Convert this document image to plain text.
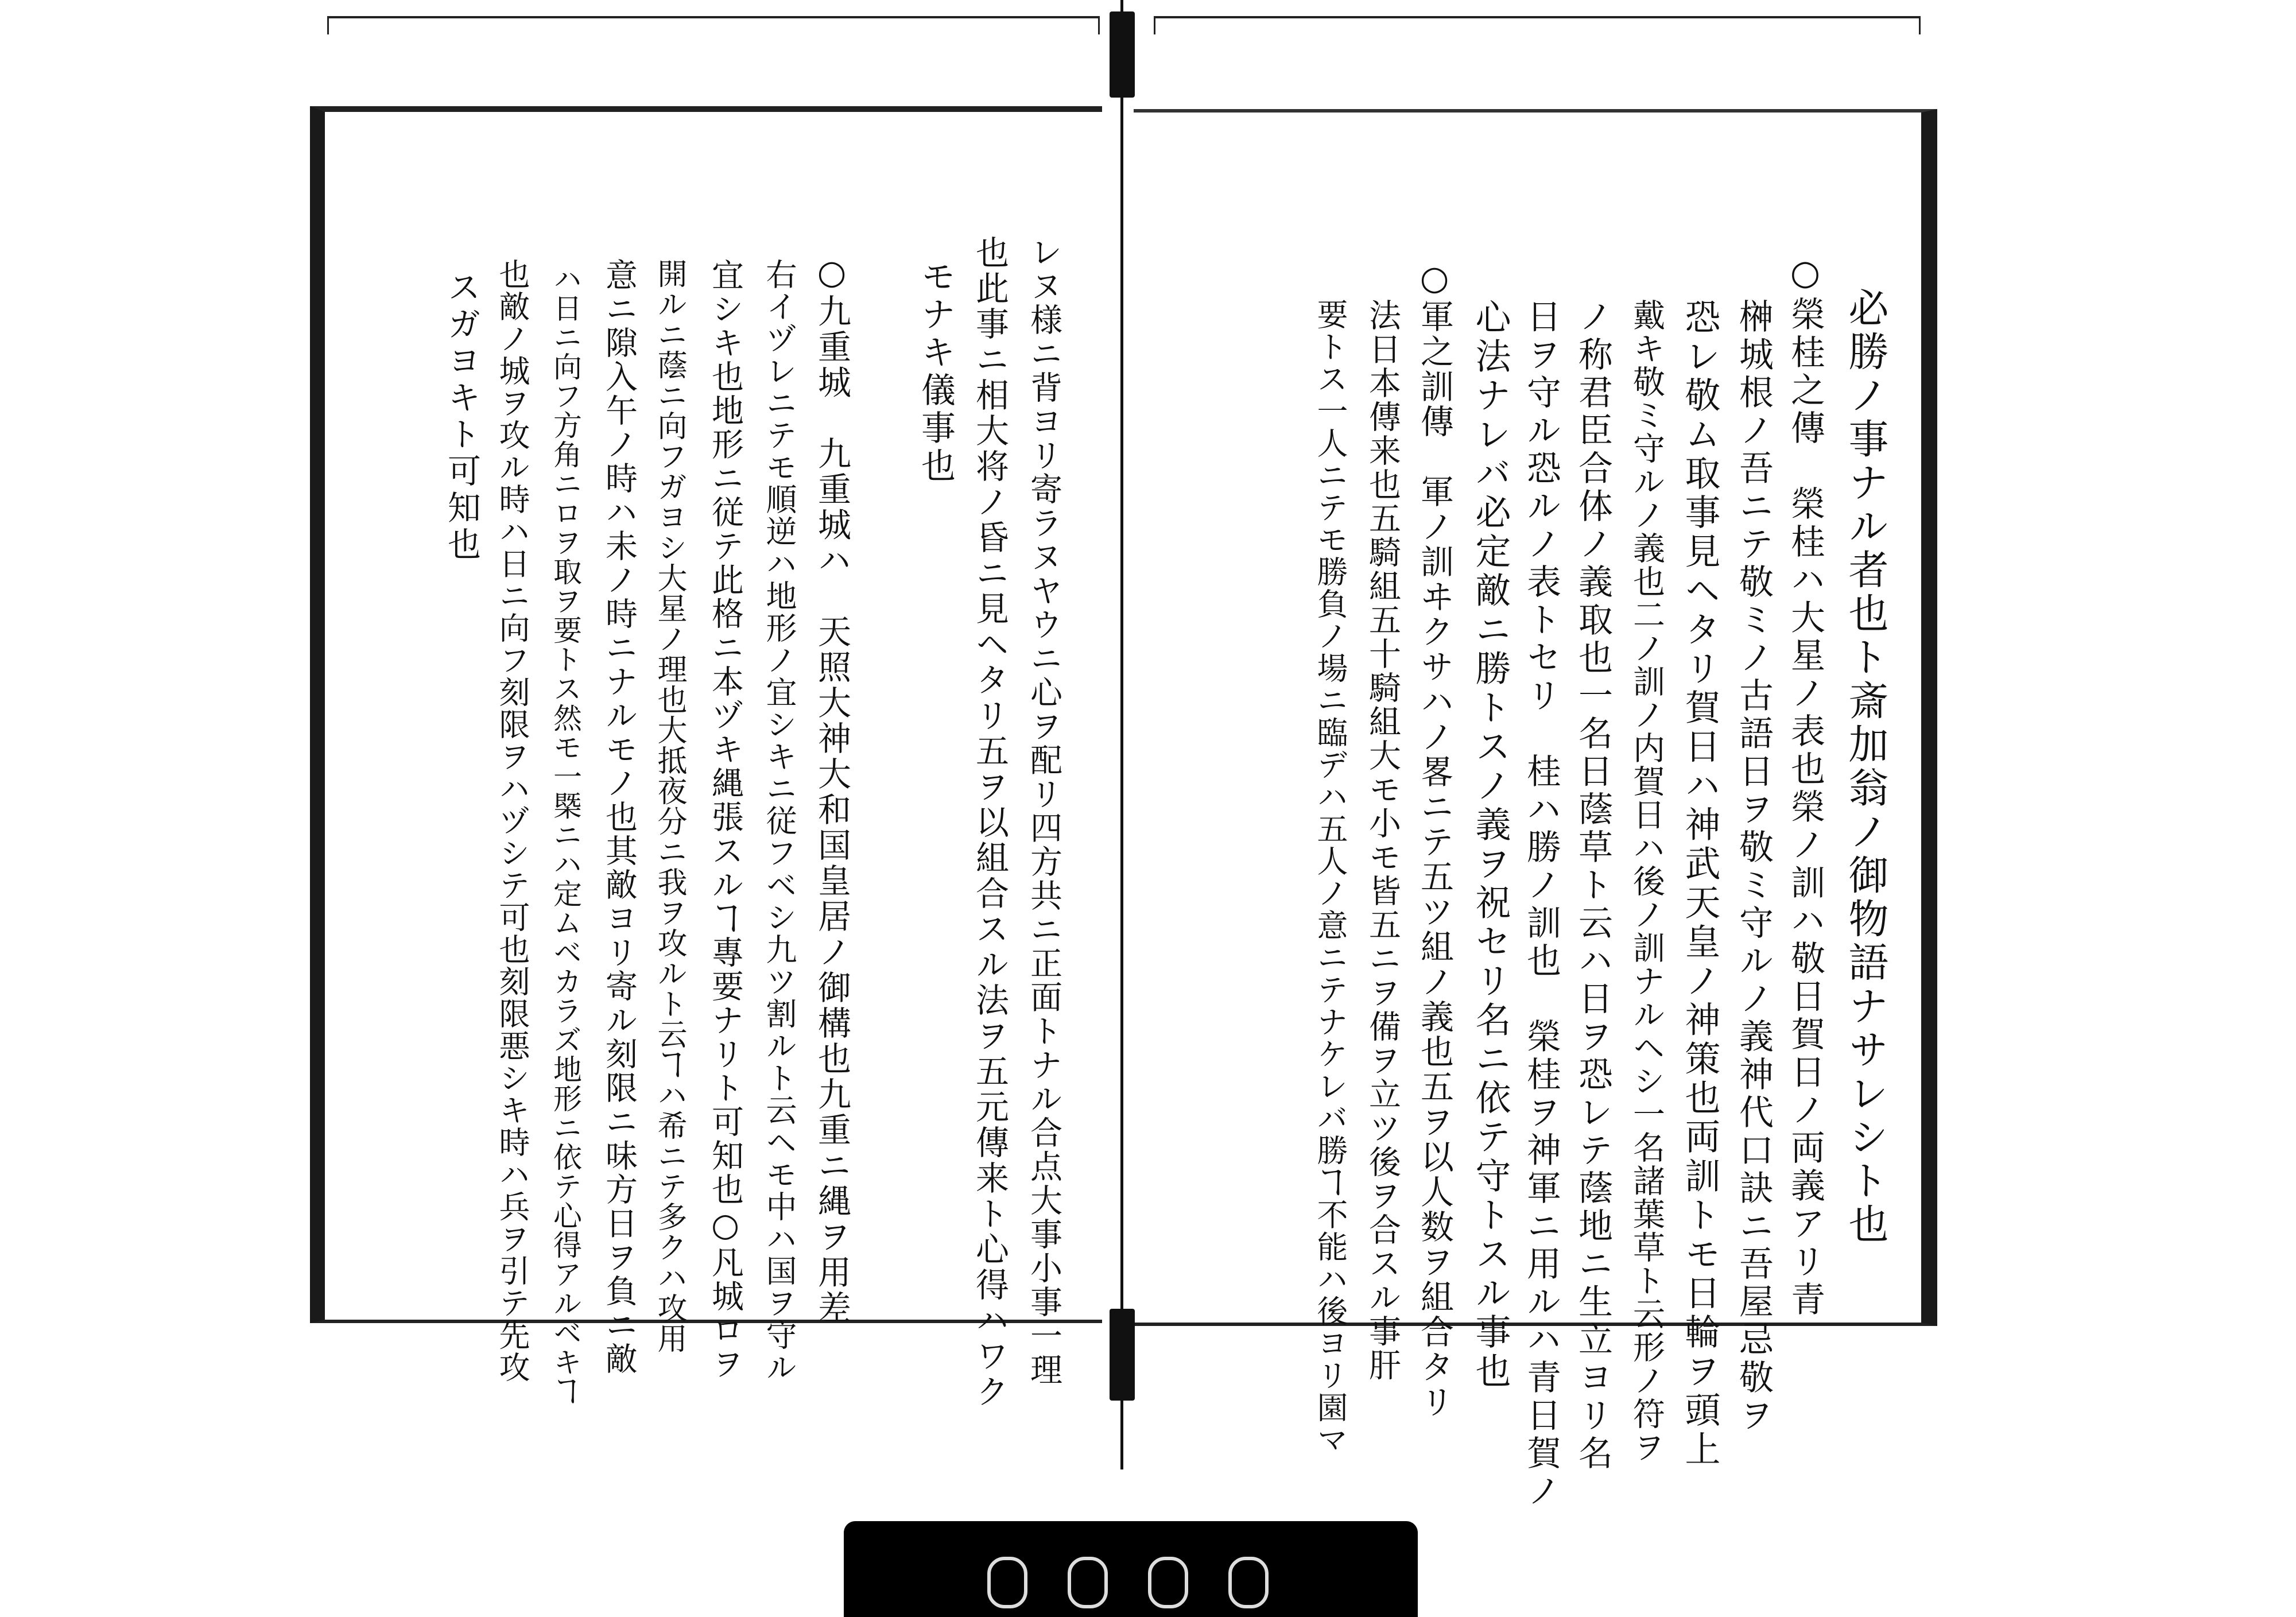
必勝ノ事ナル者也ト斎加翁ノ御物語ナサレシト也
○榮桂之傳　榮桂ハ大星ノ表也榮ノ訓ハ敬日賀日ノ両義アリ青
榊城根ノ吾ニテ敬ミノ古語日ヲ敬ミ守ルノ義神代口訣ニ吾屋忌敬ヲ
恐レ敬ム取事見ヘタリ賀日ハ神武天皇ノ神策也両訓トモ日輪ヲ頭上
戴キ敬ミ守ルノ義也二ノ訓ノ内賀日ハ後ノ訓ナルヘシ一名諸葉草ト云形ノ符ヲ
ノ称君臣合体ノ義取也一名日蔭草ト云ハ日ヲ恐レテ蔭地ニ生立ヨリ名
日ヲ守ル恐ルノ表トセリ　桂ハ勝ノ訓也　榮桂ヲ神軍ニ用ルハ青日賀ノ
心法ナレバ必定敵ニ勝トスノ義ヲ祝セリ名ニ依テ守トスル事也
○軍之訓傳　軍ノ訓ヰクサハノ畧ニテ五ツ組ノ義也五ヲ以人数ヲ組合タリ
法日本傳来也五騎組五十騎組大モ小モ皆五ニヲ備ヲ立ツ後ヲ合スル事肝
要トス一人ニテモ勝負ノ場ニ臨デハ五人ノ意ニテナケレバ勝ヿ不能ハ後ヨリ園マ
レヌ様ニ背ヨリ寄ラヌヤウニ心ヲ配リ四方共ニ正面トナル合点大事小事一理
也此事ニ相大将ノ昏ニ見ヘタリ五ヲ以組合スル法ヲ五元傳来ト心得ハワク
モナキ儀事也
○九重城　九重城ハ　天照大神大和国皇居ノ御構也九重ニ縄ヲ用差
右イヅレニテモ順逆ハ地形ノ宜シキニ従フベシ九ツ割ルト云ヘモ中ハ国ヲ守ル
宜シキ也地形ニ従テ此格ニ本ヅキ縄張スルヿ專要ナリト可知也○凡城ロヲ
開ルニ蔭ニ向フガヨシ大星ノ理也大抵夜分ニ我ヲ攻ルト云ヿハ希ニテ多クハ攻用
意ニ隙入午ノ時ハ未ノ時ニナルモノ也其敵ヨリ寄ル刻限ニ味方日ヲ負ニ敵
ハ日ニ向フ方角ニロヲ取ヲ要トス然モ一槩ニハ定ムベカラズ地形ニ依テ心得アルベキヿ
也敵ノ城ヲ攻ル時ハ日ニ向フ刻限ヲハヅシテ可也刻限悪シキ時ハ兵ヲ引テ先攻
スガヨキト可知也
